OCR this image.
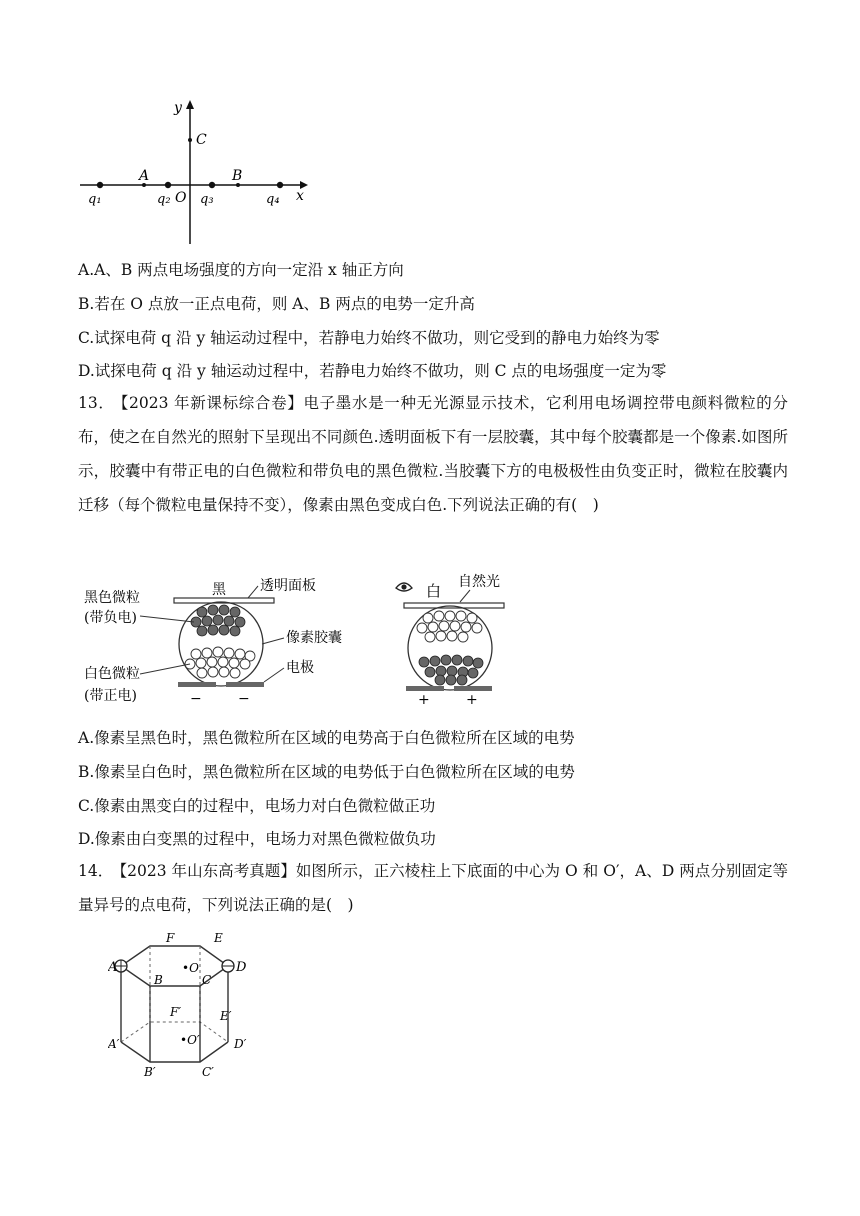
y
x
C
q₁
A
q₂ O q₃
B
q₄
A.A、B 两点电场强度的方向一定沿 x 轴正方向
B.若在 O 点放一正点电荷，则 A、B 两点的电势一定升高
C.试探电荷 q 沿 y 轴运动过程中，若静电力始终不做功，则它受到的静电力始终为零
D.试探电荷 q 沿 y 轴运动过程中，若静电力始终不做功，则 C 点的电场强度一定为零

13． 【2023 年新课标综合卷】电子墨水是一种无光源显示技术，它利用电场调控带电颜料微粒的分布，使之在自然光的照射下呈现出不同颜色.透明面板下有一层胶囊，其中每个胶囊都是一个像素.如图所示，胶囊中有带正电的白色微粒和带负电的黑色微粒.当胶囊下方的电极极性由负变正时，微粒在胶囊内迁移（每个微粒电量保持不变），像素由黑色变成白色.下列说法正确的有(　)

黑色微粒
(带负电)
白色微粒
(带正电)
黑
−	−
透明面板
像素胶囊
电极
白 自然光
+	+
A.像素呈黑色时，黑色微粒所在区域的电势高于白色微粒所在区域的电势
B.像素呈白色时，黑色微粒所在区域的电势低于白色微粒所在区域的电势
C.像素由黑变白的过程中，电场力对白色微粒做正功
D.像素由白变黑的过程中，电场力对黑色微粒做负功

14． 【2023 年山东高考真题】如图所示，正六棱柱上下底面的中心为 O 和 O′，A、D 两点分别固定等量异号的点电荷，下列说法正确的是(　)

A	D
F	E
B	C
•O
F′	E′
•O′
A′	D′
B′	C′
